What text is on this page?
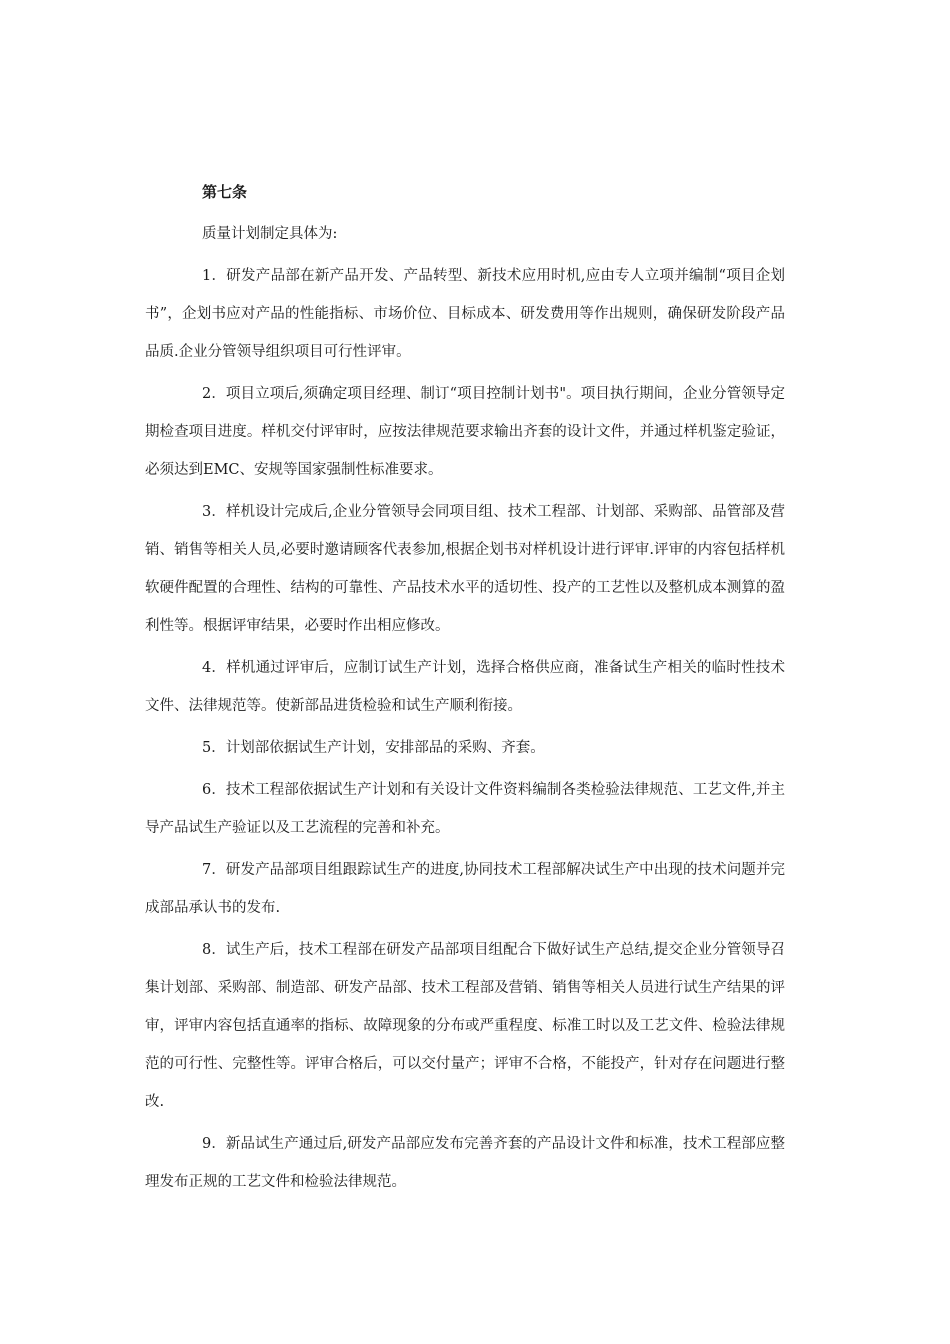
第七条

质量计划制定具体为:

1．研发产品部在新产品开发、产品转型、新技术应用时机,应由专人立项并编制“项目企划书”，企划书应对产品的性能指标、市场价位、目标成本、研发费用等作出规则，确保研发阶段产品品质.企业分管领导组织项目可行性评审。

2．项目立项后,须确定项目经理、制订“项目控制计划书"。项目执行期间，企业分管领导定期检查项目进度。样机交付评审时，应按法律规范要求输出齐套的设计文件，并通过样机鉴定验证，必须达到EMC、安规等国家强制性标准要求。

3．样机设计完成后,企业分管领导会同项目组、技术工程部、计划部、采购部、品管部及营销、销售等相关人员,必要时邀请顾客代表参加,根据企划书对样机设计进行评审.评审的内容包括样机软硬件配置的合理性、结构的可靠性、产品技术水平的适切性、投产的工艺性以及整机成本测算的盈利性等。根据评审结果，必要时作出相应修改。

4．样机通过评审后，应制订试生产计划，选择合格供应商，准备试生产相关的临时性技术文件、法律规范等。使新部品进货检验和试生产顺利衔接。

5．计划部依据试生产计划，安排部品的采购、齐套。

6．技术工程部依据试生产计划和有关设计文件资料编制各类检验法律规范、工艺文件,并主导产品试生产验证以及工艺流程的完善和补充。

7．研发产品部项目组跟踪试生产的进度,协同技术工程部解决试生产中出现的技术问题并完成部品承认书的发布.

8．试生产后，技术工程部在研发产品部项目组配合下做好试生产总结,提交企业分管领导召集计划部、采购部、制造部、研发产品部、技术工程部及营销、销售等相关人员进行试生产结果的评审，评审内容包括直通率的指标、故障现象的分布或严重程度、标准工时以及工艺文件、检验法律规范的可行性、完整性等。评审合格后，可以交付量产；评审不合格，不能投产，针对存在问题进行整改.

9．新品试生产通过后,研发产品部应发布完善齐套的产品设计文件和标准，技术工程部应整理发布正规的工艺文件和检验法律规范。
